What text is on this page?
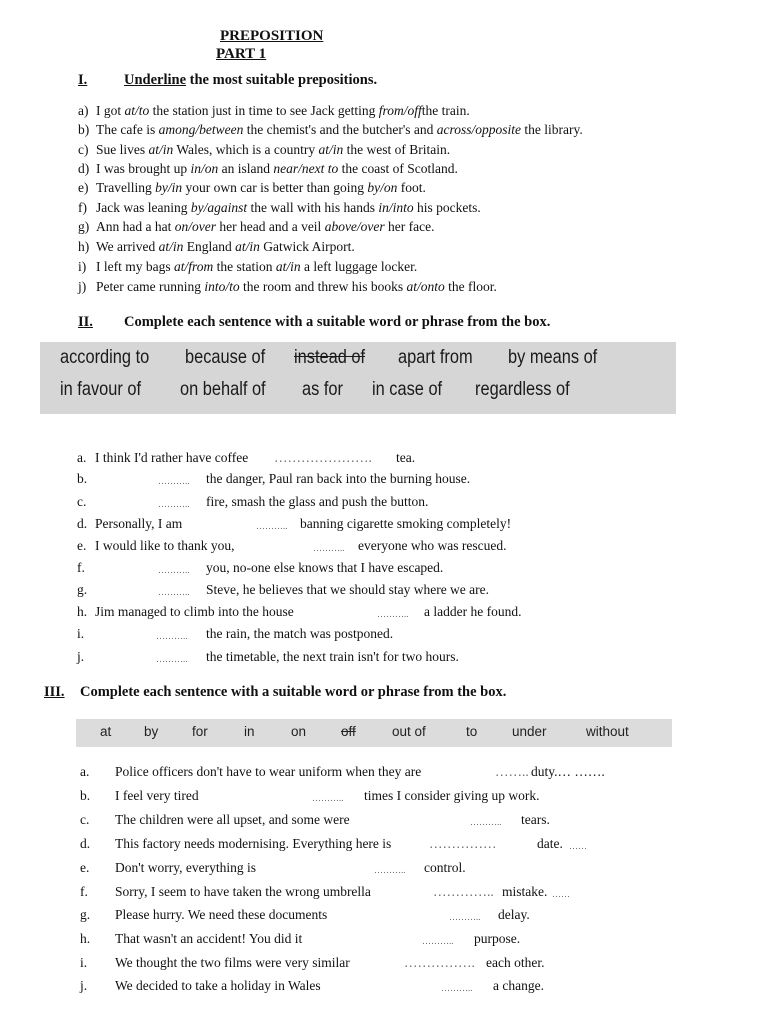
PREPOSITION
PART 1
I.	Underline the most suitable prepositions.
a) I got at/to the station just in time to see Jack getting from/offthe train.
b) The cafe is among/between the chemist's and the butcher's and across/opposite the library.
c) Sue lives at/in Wales, which is a country at/in the west of Britain.
d) I was brought up in/on an island near/next to the coast of Scotland.
e) Travelling by/in your own car is better than going by/on foot.
f) Jack was leaning by/against the wall with his hands in/into his pockets.
g) Ann had a hat on/over her head and a veil above/over her face.
h) We arrived at/in England at/in Gatwick Airport.
i) I left my bags at/from the station at/in a left luggage locker.
j) Peter came running into/to the room and threw his books at/onto the floor.
II. Complete each sentence with a suitable word or phrase from the box.
according to because of instead of apart from by means of
in favour of on behalf of as for in case of regardless of
a. I think I'd rather have coffee …………………. tea.
b.	……….. the danger, Paul ran back into the burning house.
c.	……….. fire, smash the glass and push the button.
d. Personally, I am	……….. banning cigarette smoking completely!
e. I would like to thank you,	……….. everyone who was rescued.
f.	……….. you, no-one else knows that I have escaped.
g.	……….. Steve, he believes that we should stay where we are.
h. Jim managed to climb into the house	……….. a ladder he found.
i.	……….. the rain, the match was postponed.
j.	……….. the timetable, the next train isn't for two hours.
III. Complete each sentence with a suitable word or phrase from the box.
at by for	in	on	off	out of	to	under	without
a. Police officers don't have to wear uniform when they are	…….. duty.… …….
b. I feel very tired	……….. times I consider giving up work.
c. The children were all upset, and some were	……….. tears.
d. This factory needs modernising. Everything here is	……………	date. ……
e. Don't worry, everything is	……….. control.
f. Sorry, I seem to have taken the wrong umbrella	………….. mistake. ……
g. Please hurry. We need these documents	……….. delay.
h. That wasn't an accident! You did it	……….. purpose.
i. We thought the two films were very similar	……………. each other.
j. We decided to take a holiday in Wales	……….. a change.
